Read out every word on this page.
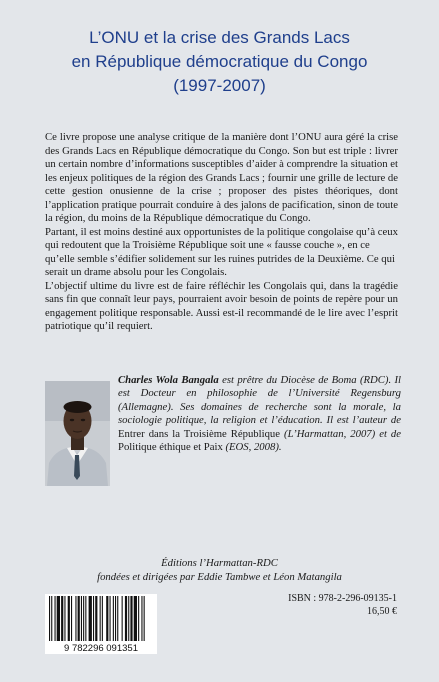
L’ONU et la crise des Grands Lacs
en République démocratique du Congo
(1997-2007)

Ce livre propose une analyse critique de la manière dont l’ONU aura géré la crise des Grands Lacs en République démocratique du Congo. Son but est triple : livrer un certain nombre d’informations susceptibles d’aider à comprendre la situation et les enjeux politiques de la région des Grands Lacs ; fournir une grille de lecture de cette gestion onusienne de la crise ; proposer des pistes théoriques, dont l’application pratique pourrait conduire à des jalons de pacification, sinon de toute la région, du moins de la République démocratique du Congo.

Partant, il est moins destiné aux opportunistes de la politique congolaise qu’à ceux qui redoutent que la Troisième République soit une « fausse couche », en ce qu’elle semble s’édifier solidement sur les ruines putrides de la Deuxième. Ce qui serait un drame absolu pour les Congolais.

L’objectif ultime du livre est de faire réfléchir les Congolais qui, dans la tragédie sans fin que connaît leur pays, pourraient avoir besoin de points de repère pour un engagement politique responsable. Aussi est-il recommandé de le lire avec l’esprit patriotique qu’il requiert.

Charles Wola Bangala est prêtre du Diocèse de Boma (RDC). Il est Docteur en philosophie de l’Université Regensburg (Allemagne). Ses domaines de recherche sont la morale, la sociologie politique, la religion et l’éducation. Il est l’auteur de Entrer dans la Troisième République (L’Harmattan, 2007) et de Politique éthique et Paix (EOS, 2008).
Éditions l’Harmattan-RDC
fondées et dirigées par Eddie Tambwe et Léon Matangila
9 782296 091351
ISBN : 978-2-296-09135-1
16,50 €
